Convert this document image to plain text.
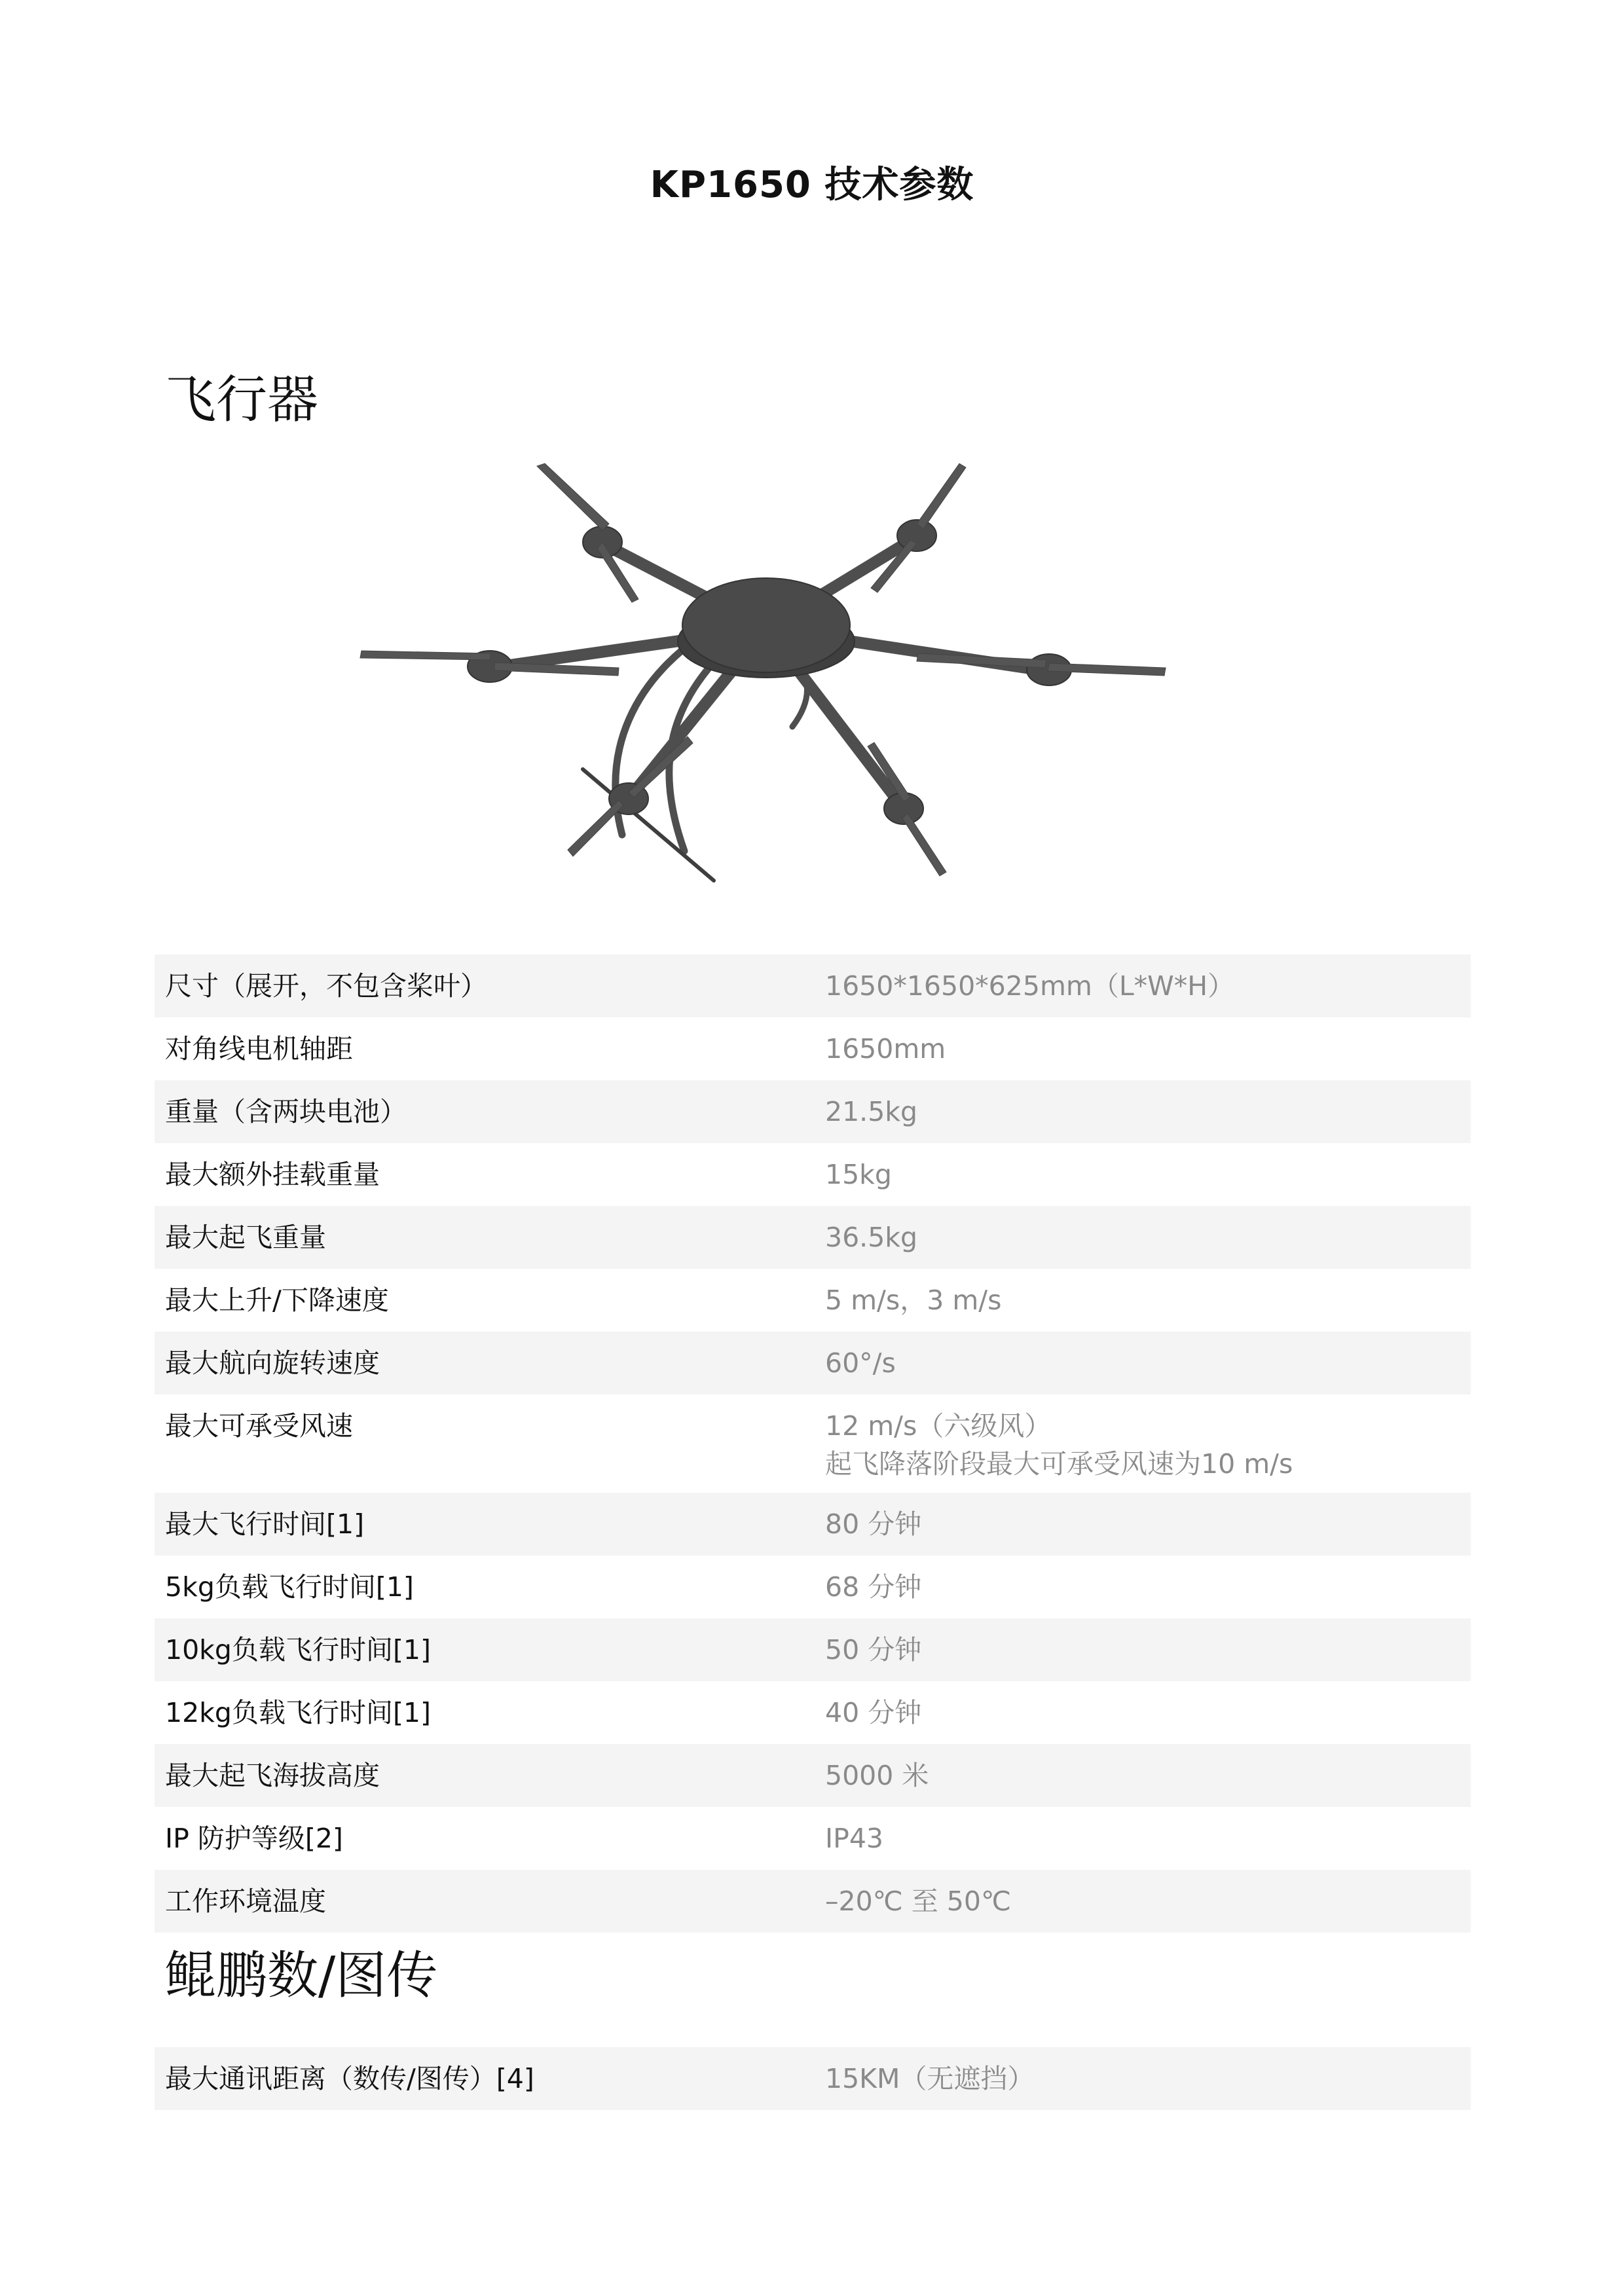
KP1650 技术参数
飞行器
尺寸（展开，不包含桨叶）	1650*1650*625mm（L*W*H）
对角线电机轴距	1650mm
重量（含两块电池）	21.5kg
最大额外挂载重量	15kg
最大起飞重量	36.5kg
最大上升/下降速度	5 m/s，3 m/s
最大航向旋转速度	60°/s
最大可承受风速	12 m/s（六级风）
起飞降落阶段最大可承受风速为10 m/s

最大飞行时间[1]	80 分钟
5kg负载飞行时间[1]	68 分钟
10kg负载飞行时间[1]	50 分钟
12kg负载飞行时间[1]	40 分钟
最大起飞海拔高度	5000 米
IP 防护等级[2]	IP43
工作环境温度	–20℃ 至 50℃
鲲鹏数/图传
最大通讯距离（数传/图传）[4]	15KM（无遮挡）
